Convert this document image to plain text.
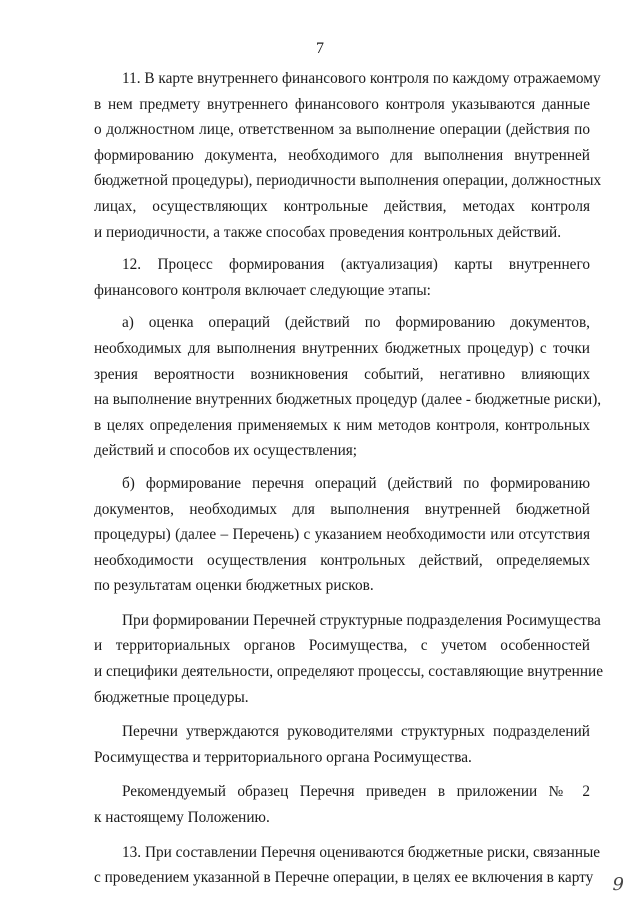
7
11. В карте внутреннего финансового контроля по каждому отражаемому
в нем предмету внутреннего финансового контроля указываются данные
о должностном лице, ответственном за выполнение операции (действия по
формированию документа, необходимого для выполнения внутренней
бюджетной процедуры), периодичности выполнения операции, должностных
лицах, осуществляющих контрольные действия, методах контроля
и периодичности, а также способах проведения контрольных действий.
12. Процесс формирования (актуализация) карты внутреннего
финансового контроля включает следующие этапы:
а) оценка операций (действий по формированию документов,
необходимых для выполнения внутренних бюджетных процедур) с точки
зрения вероятности возникновения событий, негативно влияющих
на выполнение внутренних бюджетных процедур (далее - бюджетные риски),
в целях определения применяемых к ним методов контроля, контрольных
действий и способов их осуществления;
б) формирование перечня операций (действий по формированию
документов, необходимых для выполнения внутренней бюджетной
процедуры) (далее – Перечень) с указанием необходимости или отсутствия
необходимости осуществления контрольных действий, определяемых
по результатам оценки бюджетных рисков.
При формировании Перечней структурные подразделения Росимущества
и территориальных органов Росимущества, с учетом особенностей
и специфики деятельности, определяют процессы, составляющие внутренние
бюджетные процедуры.
Перечни утверждаются руководителями структурных подразделений
Росимущества и территориального органа Росимущества.
Рекомендуемый образец Перечня приведен в приложении № 2
к настоящему Положению.
13. При составлении Перечня оцениваются бюджетные риски, связанные
с проведением указанной в Перечне операции, в целях ее включения в карту 9
